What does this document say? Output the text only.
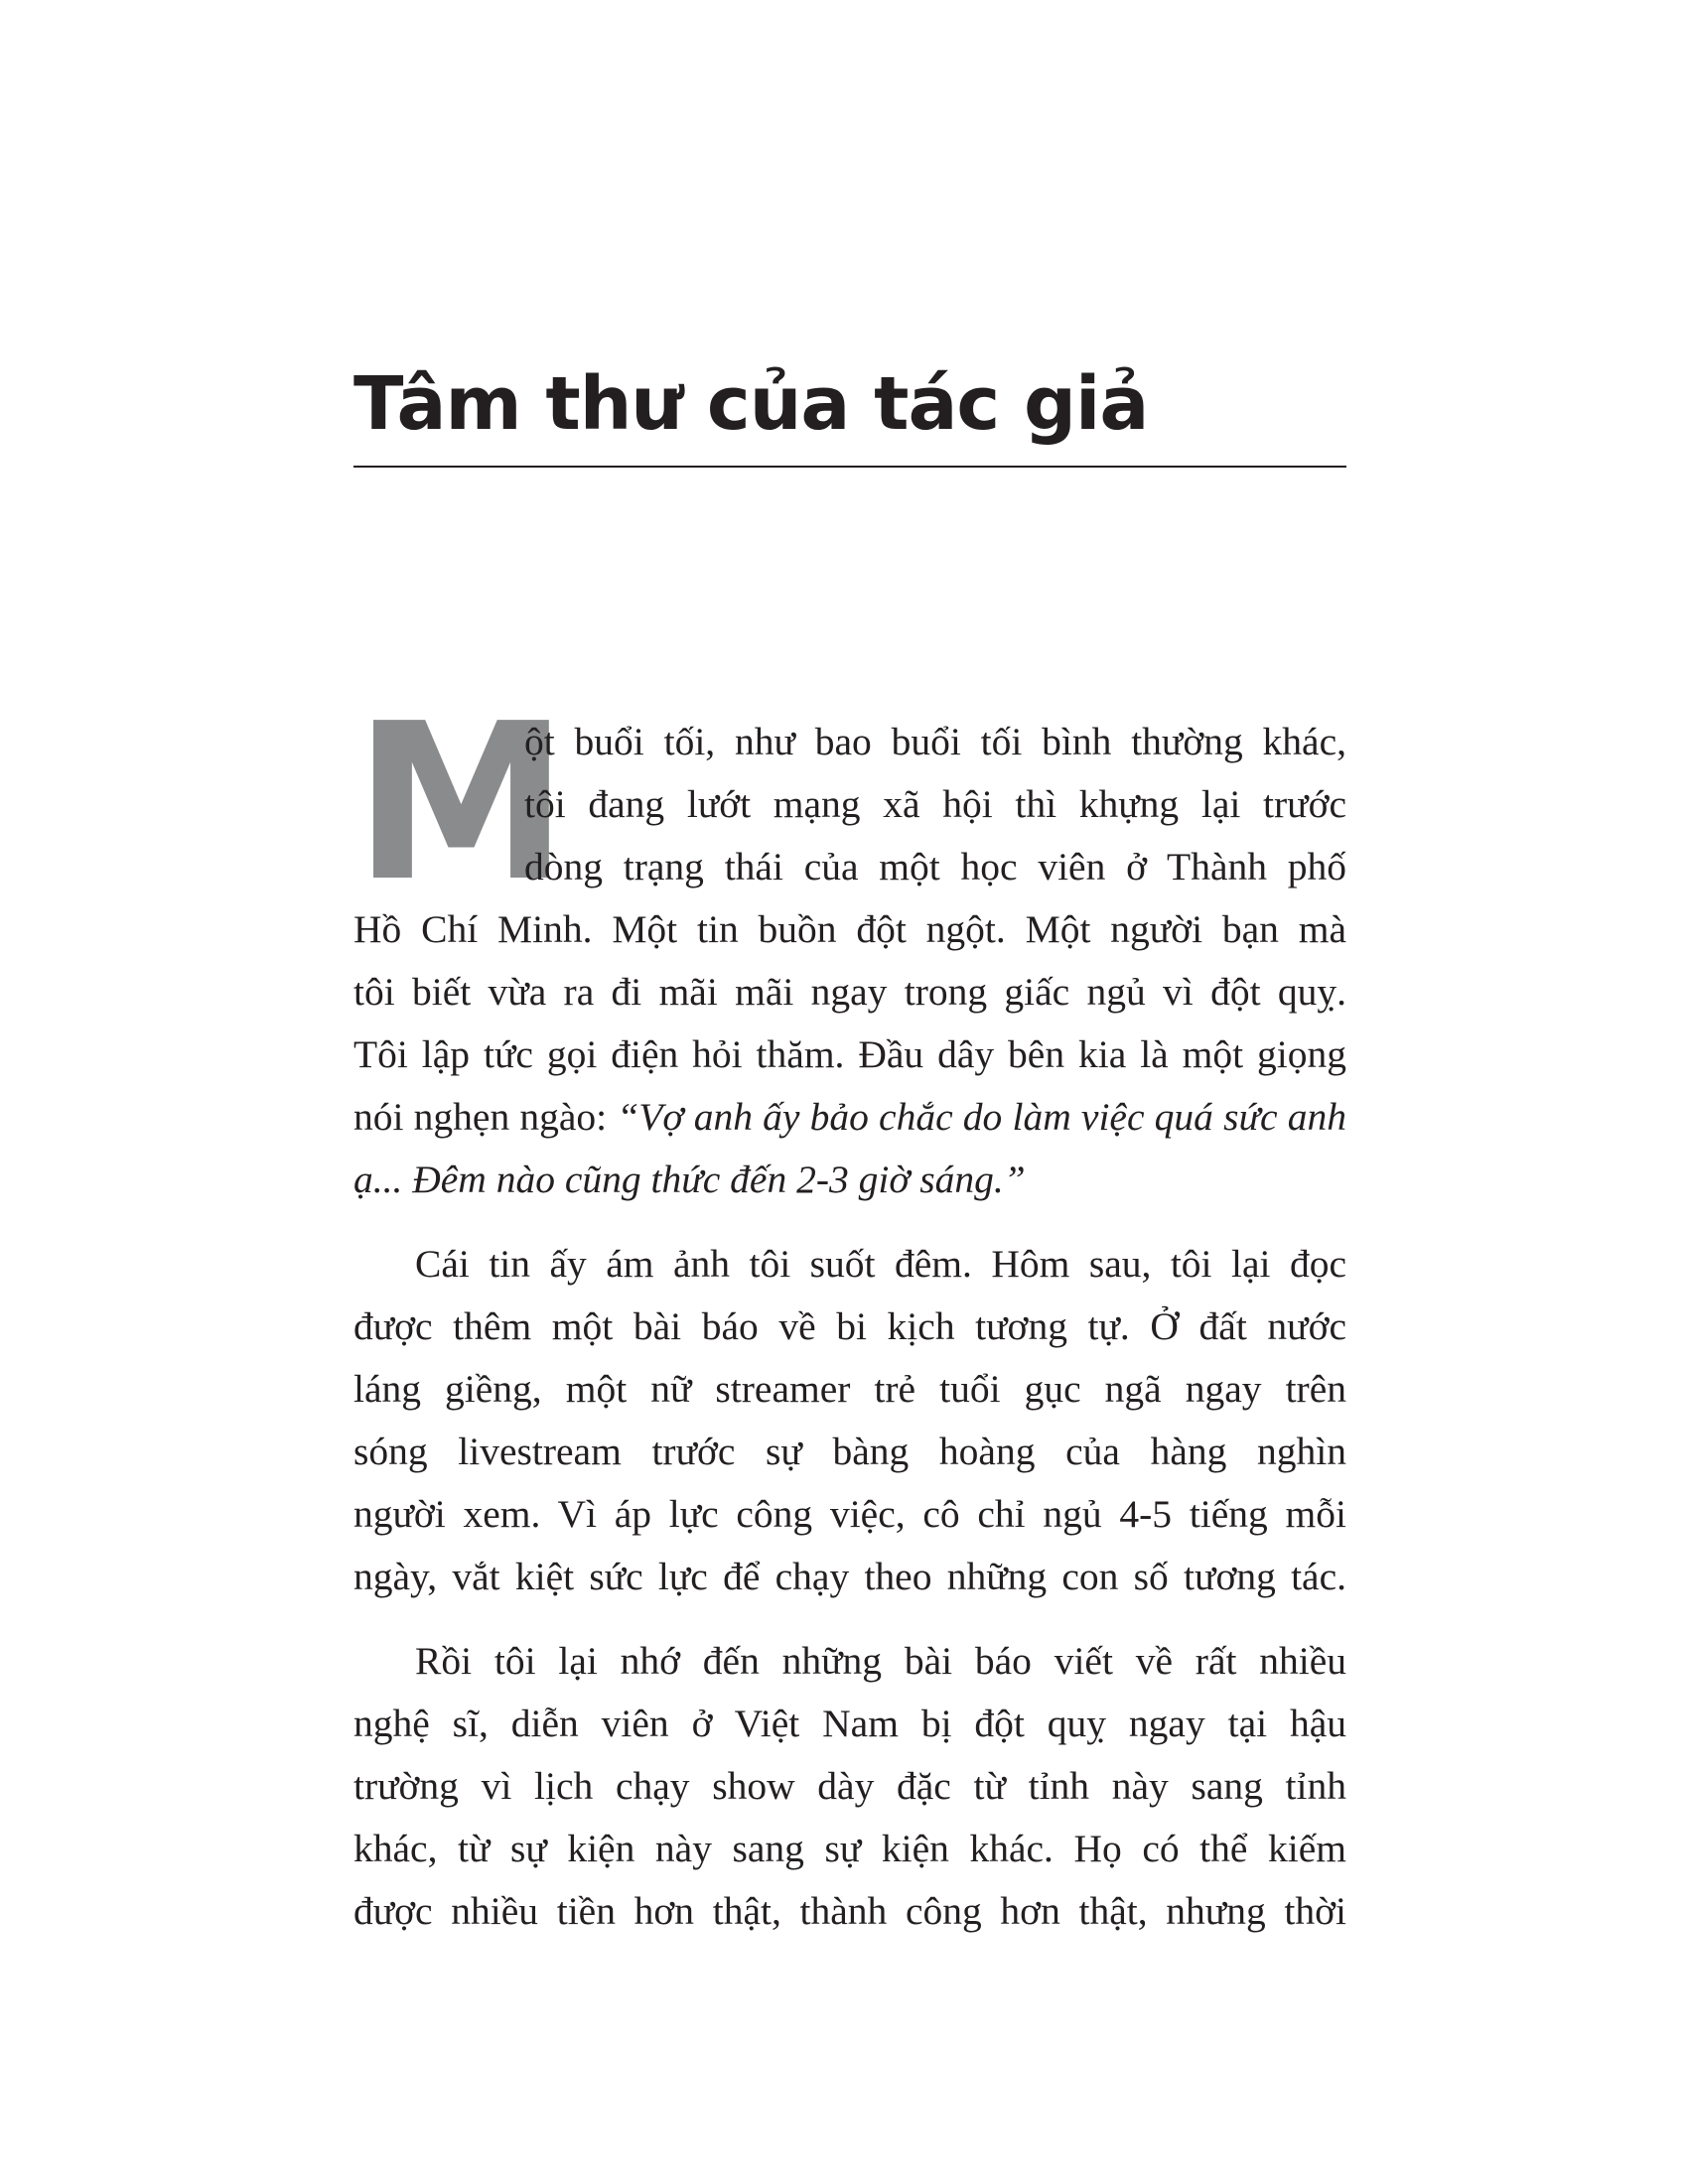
Tâm thư của tác giả
M
ột buổi tối, như bao buổi tối bình thường khác,
tôi đang lướt mạng xã hội thì khựng lại trước
dòng trạng thái của một học viên ở Thành phố
Hồ Chí Minh. Một tin buồn đột ngột. Một người bạn mà
tôi biết vừa ra đi mãi mãi ngay trong giấc ngủ vì đột quỵ.
Tôi lập tức gọi điện hỏi thăm. Đầu dây bên kia là một giọng
nói nghẹn ngào: “Vợ anh ấy bảo chắc do làm việc quá sức anh
ạ... Đêm nào cũng thức đến 2-3 giờ sáng.”
Cái tin ấy ám ảnh tôi suốt đêm. Hôm sau, tôi lại đọc
được thêm một bài báo về bi kịch tương tự. Ở đất nước
láng giềng, một nữ streamer trẻ tuổi gục ngã ngay trên
sóng livestream trước sự bàng hoàng của hàng nghìn
người xem. Vì áp lực công việc, cô chỉ ngủ 4-5 tiếng mỗi
ngày, vắt kiệt sức lực để chạy theo những con số tương tác.
Rồi tôi lại nhớ đến những bài báo viết về rất nhiều
nghệ sĩ, diễn viên ở Việt Nam bị đột quỵ ngay tại hậu
trường vì lịch chạy show dày đặc từ tỉnh này sang tỉnh
khác, từ sự kiện này sang sự kiện khác. Họ có thể kiếm
được nhiều tiền hơn thật, thành công hơn thật, nhưng thời
